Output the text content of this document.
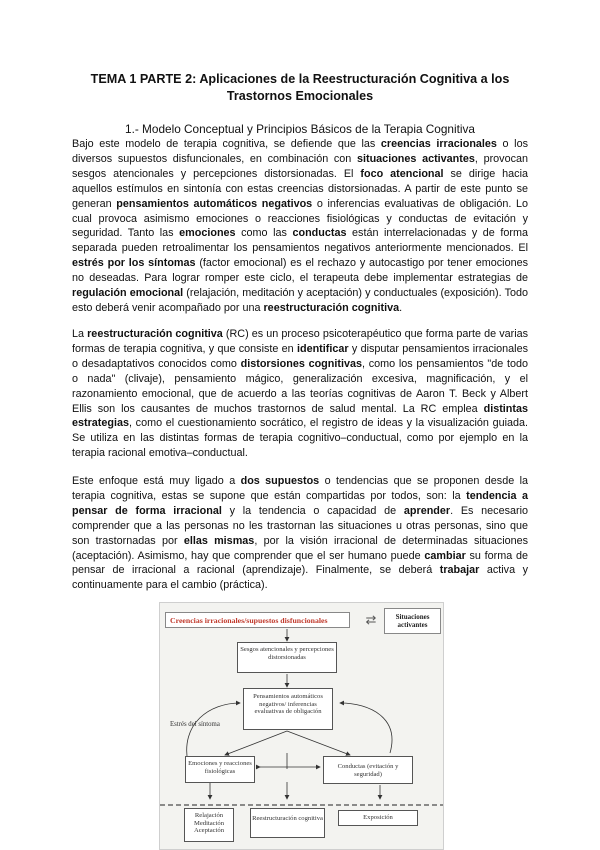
TEMA 1 PARTE 2: Aplicaciones de la Reestructuración Cognitiva a los
Trastornos Emocionales
1.- Modelo Conceptual y Principios Básicos de la Terapia Cognitiva

Bajo este modelo de terapia cognitiva, se defiende que las creencias irracionales o los diversos supuestos disfuncionales, en combinación con situaciones activantes, provocan sesgos atencionales y percepciones distorsionadas. El foco atencional se dirige hacia aquellos estímulos en sintonía con estas creencias distorsionadas. A partir de este punto se generan pensamientos automáticos negativos o inferencias evaluativas de obligación. Lo cual provoca asimismo emociones o reacciones fisiológicas y conductas de evitación y seguridad. Tanto las emociones como las conductas están interrelacionadas y de forma separada pueden retroalimentar los pensamientos negativos anteriormente mencionados. El estrés por los síntomas (factor emocional) es el rechazo y autocastigo por tener emociones no deseadas. Para lograr romper este ciclo, el terapeuta debe implementar estrategias de regulación emocional (relajación, meditación y aceptación) y conductuales (exposición). Todo esto deberá venir acompañado por una reestructuración cognitiva.

La reestructuración cognitiva (RC) es un proceso psicoterapéutico que forma parte de varias formas de terapia cognitiva, y que consiste en identificar y disputar pensamientos irracionales o desadaptativos conocidos como distorsiones cognitivas, como los pensamientos "de todo o nada" (clivaje), pensamiento mágico, generalización excesiva, magnificación, y el razonamiento emocional, que de acuerdo a las teorías cognitivas de Aaron T. Beck y Albert Ellis son los causantes de muchos trastornos de salud mental. La RC emplea distintas estrategias, como el cuestionamiento socrático, el registro de ideas y la visualización guiada. Se utiliza en las distintas formas de terapia cognitivo–conductual, como por ejemplo en la terapia racional emotiva–conductual.

Este enfoque está muy ligado a dos supuestos o tendencias que se proponen desde la terapia cognitiva, estas se supone que están compartidas por todos, son: la tendencia a pensar de forma irracional y la tendencia o capacidad de aprender. Es necesario comprender que a las personas no les trastornan las situaciones u otras personas, sino que son trastornadas por ellas mismas, por la visión irracional de determinadas situaciones (aceptación). Asimismo, hay que comprender que el ser humano puede cambiar su forma de pensar de irracional a racional (aprendizaje). Finalmente, se deberá trabajar activa y continuamente para el cambio (práctica).

Creencias irracionales/supuestos disfuncionales	⇄	Situaciones activantes
Sesgos atencionales y percepciones distorsionadas
Pensamientos automáticos negativos/ inferencias evaluativas de obligación
Estrés del síntoma
Emociones y reacciones fisiológicas
Conductas (evitación y seguridad)
Relajación Meditación Aceptación
Reestructuración cognitiva	Exposición
